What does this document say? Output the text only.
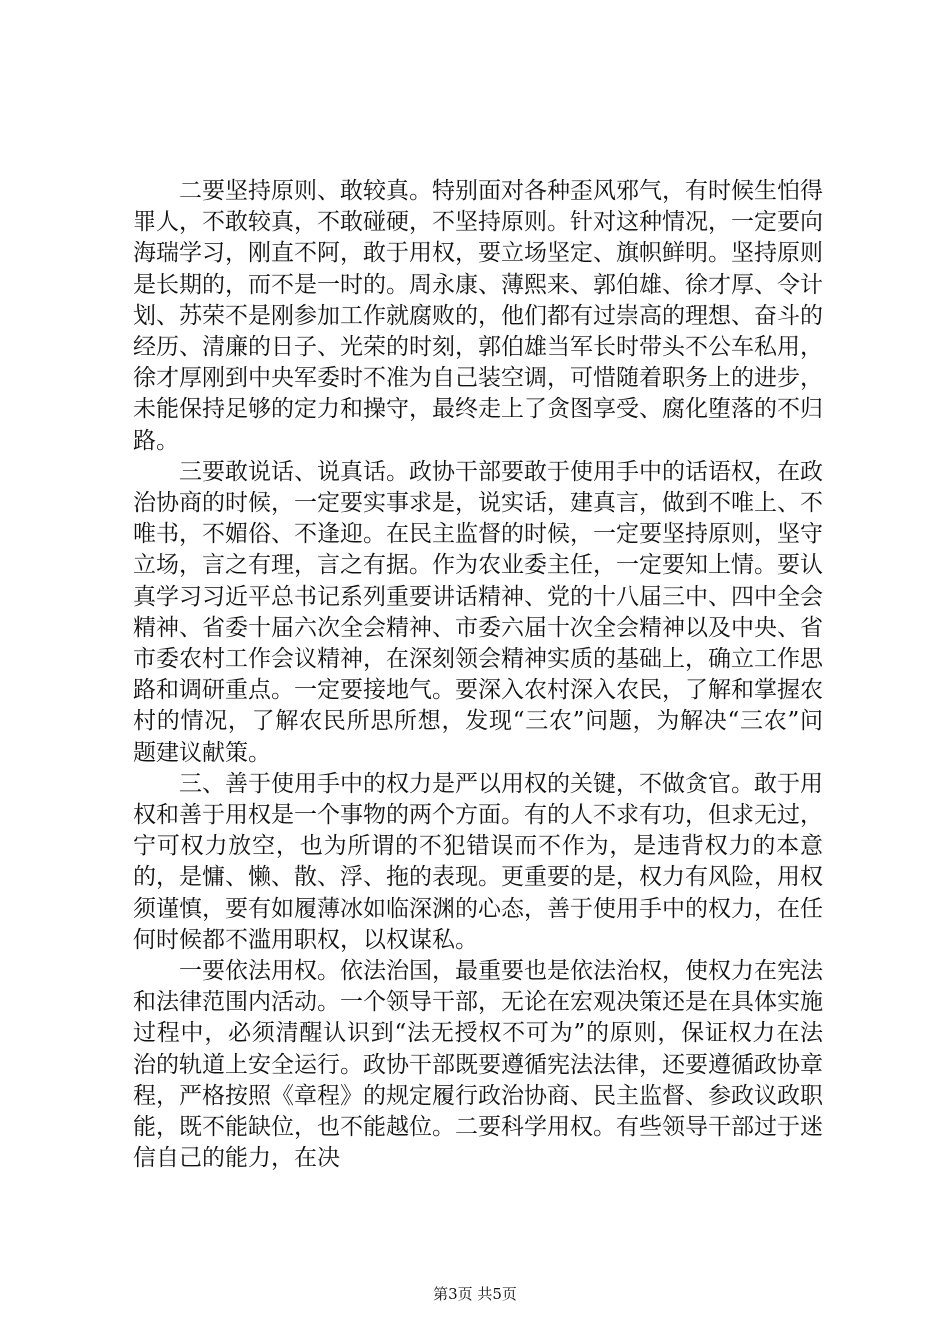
二要坚持原则、敢较真。特别面对各种歪风邪气，有时候生怕得罪人，不敢较真，不敢碰硬，不坚持原则。针对这种情况，一定要向海瑞学习，刚直不阿，敢于用权，要立场坚定、旗帜鲜明。坚持原则是长期的，而不是一时的。周永康、薄熙来、郭伯雄、徐才厚、令计划、苏荣不是刚参加工作就腐败的，他们都有过崇高的理想、奋斗的经历、清廉的日子、光荣的时刻，郭伯雄当军长时带头不公车私用，徐才厚刚到中央军委时不准为自己装空调，可惜随着职务上的进步，未能保持足够的定力和操守，最终走上了贪图享受、腐化堕落的不归路。

三要敢说话、说真话。政协干部要敢于使用手中的话语权，在政治协商的时候，一定要实事求是，说实话，建真言，做到不唯上、不唯书，不媚俗、不逢迎。在民主监督的时候，一定要坚持原则，坚守立场，言之有理，言之有据。作为农业委主任，一定要知上情。要认真学习习近平总书记系列重要讲话精神、党的十八届三中、四中全会精神、省委十届六次全会精神、市委六届十次全会精神以及中央、省市委农村工作会议精神，在深刻领会精神实质的基础上，确立工作思路和调研重点。一定要接地气。要深入农村深入农民，了解和掌握农村的情况，了解农民所思所想，发现“三农”问题，为解决“三农”问题建议献策。

三、善于使用手中的权力是严以用权的关键，不做贪官。敢于用权和善于用权是一个事物的两个方面。有的人不求有功，但求无过，宁可权力放空，也为所谓的不犯错误而不作为，是违背权力的本意的，是慵、懒、散、浮、拖的表现。更重要的是，权力有风险，用权须谨慎，要有如履薄冰如临深渊的心态，善于使用手中的权力，在任何时候都不滥用职权，以权谋私。

一要依法用权。依法治国，最重要也是依法治权，使权力在宪法和法律范围内活动。一个领导干部，无论在宏观决策还是在具体实施过程中，必须清醒认识到“法无授权不可为”的原则，保证权力在法治的轨道上安全运行。政协干部既要遵循宪法法律，还要遵循政协章程，严格按照《章程》的规定履行政治协商、民主监督、参政议政职能，既不能缺位，也不能越位。二要科学用权。有些领导干部过于迷信自己的能力，在决

第3页 共5页
